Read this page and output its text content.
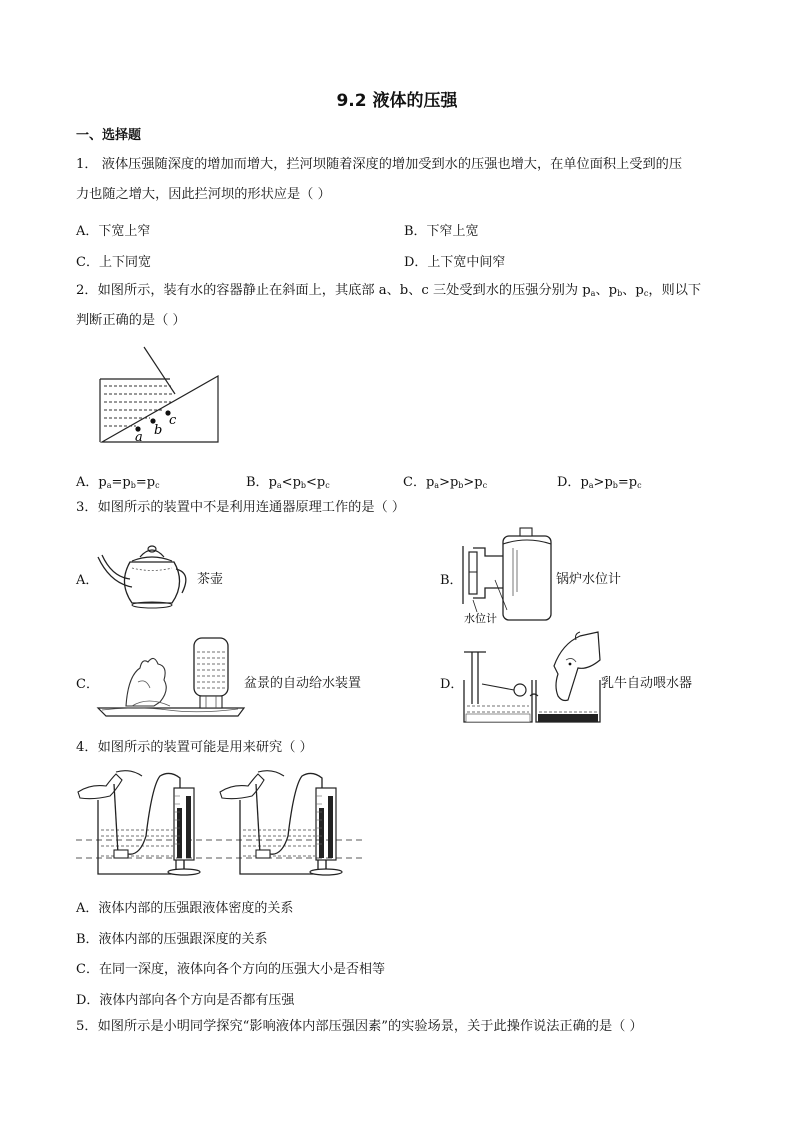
9.2 液体的压强
一、选择题
1． 液体压强随深度的增加而增大，拦河坝随着深度的增加受到水的压强也增大，在单位面积上受到的压
力也随之增大，因此拦河坝的形状应是（ ）
A．下宽上窄	B．下窄上宽
C．上下同宽	D．上下宽中间窄
2．如图所示，装有水的容器静止在斜面上，其底部 a、b、c 三处受到水的压强分别为 $p_a$、$p_b$、$p_c$，则以下
判断正确的是（ ）
a b
c
A．$p_a=p_b=p_c$	B．$p_a<p_b<p_c$	C．$p_a>p_b>p_c$	D．$p_a>p_b=p_c$
3．如图所示的装置中不是利用连通器原理工作的是（ ）
A．	茶壶	B．
水位计
锅炉水位计
C．	盆景的自动给水装置	D．	乳牛自动喂水器
4．如图所示的装置可能是用来研究（ ）
A．液体内部的压强跟液体密度的关系
B．液体内部的压强跟深度的关系
C．在同一深度，液体向各个方向的压强大小是否相等
D．液体内部向各个方向是否都有压强
5．如图所示是小明同学探究“影响液体内部压强因素”的实验场景，关于此操作说法正确的是（ ）
